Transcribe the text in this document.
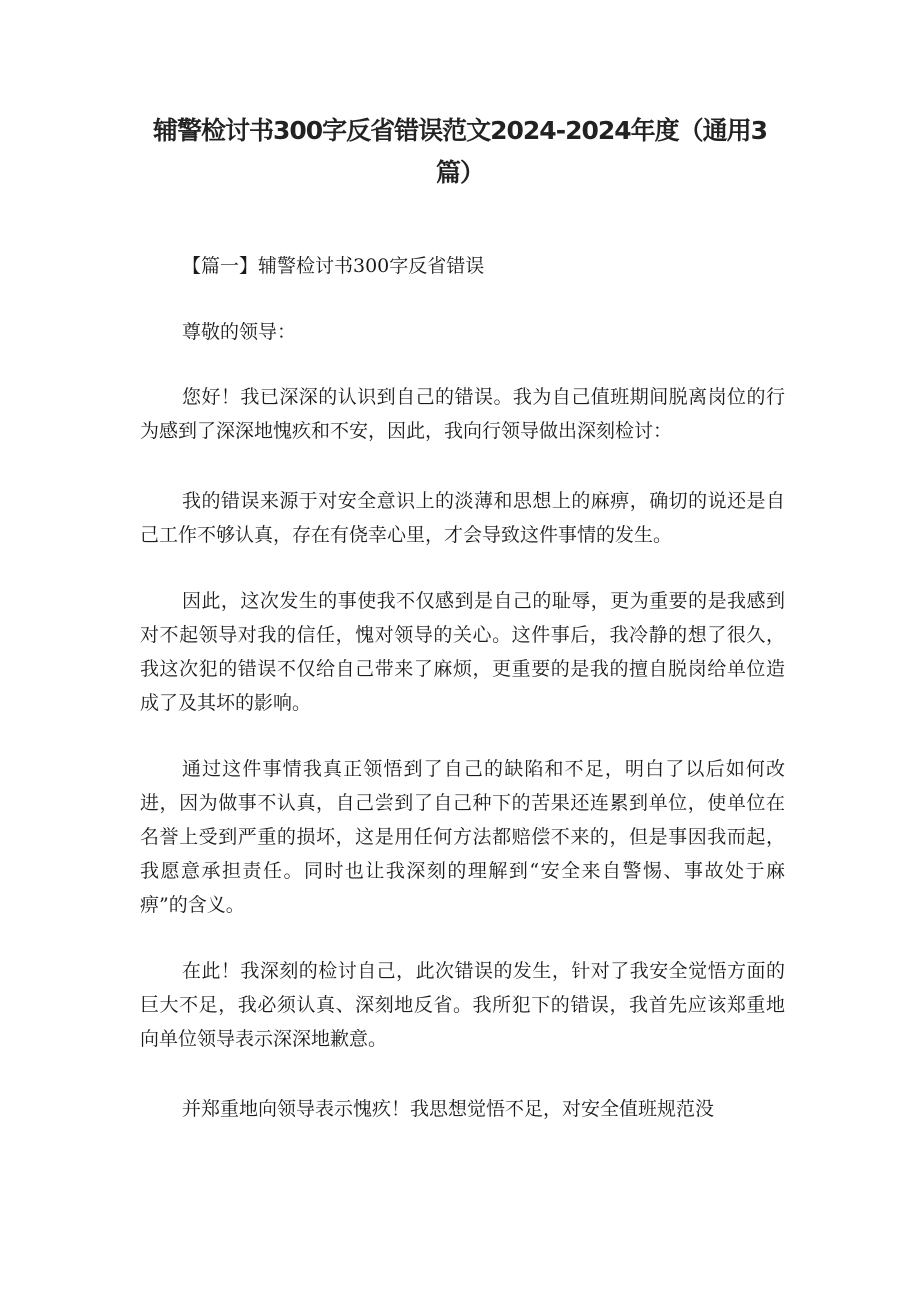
辅警检讨书300字反省错误范文2024-2024年度（通用3篇）

【篇一】辅警检讨书300字反省错误

尊敬的领导：

您好！我已深深的认识到自己的错误。我为自己值班期间脱离岗位的行为感到了深深地愧疚和不安，因此，我向行领导做出深刻检讨：

我的错误来源于对安全意识上的淡薄和思想上的麻痹，确切的说还是自己工作不够认真，存在有侥幸心里，才会导致这件事情的发生。

因此，这次发生的事使我不仅感到是自己的耻辱，更为重要的是我感到对不起领导对我的信任，愧对领导的关心。这件事后，我冷静的想了很久，我这次犯的错误不仅给自己带来了麻烦，更重要的是我的擅自脱岗给单位造成了及其坏的影响。

通过这件事情我真正领悟到了自己的缺陷和不足，明白了以后如何改进，因为做事不认真，自己尝到了自己种下的苦果还连累到单位，使单位在名誉上受到严重的损坏，这是用任何方法都赔偿不来的，但是事因我而起，我愿意承担责任。同时也让我深刻的理解到“安全来自警惕、事故处于麻痹”的含义。

在此！我深刻的检讨自己，此次错误的发生，针对了我安全觉悟方面的巨大不足，我必须认真、深刻地反省。我所犯下的错误，我首先应该郑重地向单位领导表示深深地歉意。

并郑重地向领导表示愧疚！我思想觉悟不足，对安全值班规范没
